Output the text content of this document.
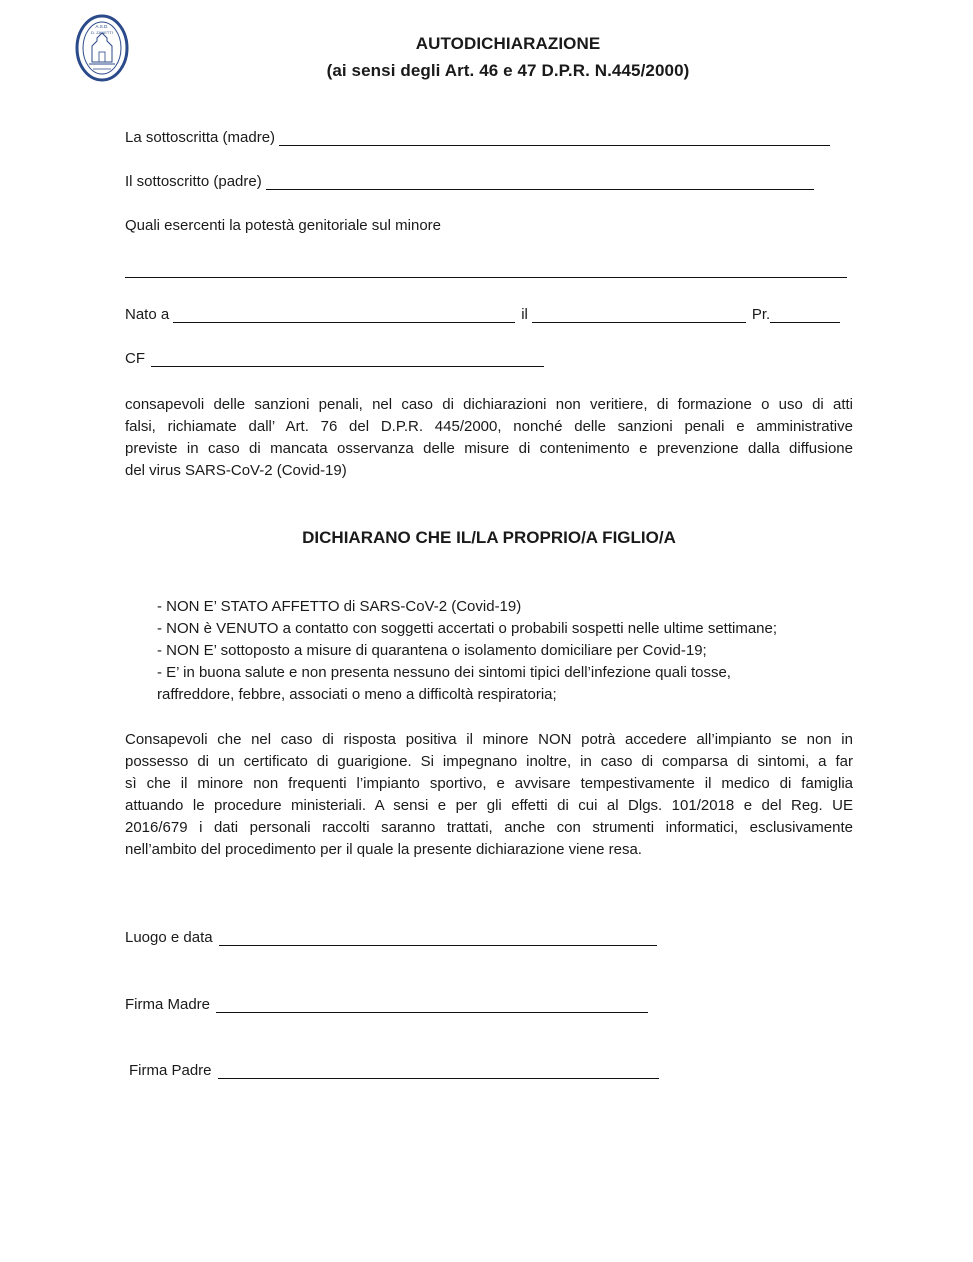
A.S.D.
D. ZANETTI
AUTODICHIARAZIONE
(ai sensi degli Art. 46 e 47 D.P.R. N.445/2000)
La sottoscritta (madre)
Il sottoscritto (padre)
Quali esercenti la potestà genitoriale sul minore
Nato a	il	Pr.
CF
consapevoli delle sanzioni penali, nel caso di dichiarazioni non veritiere, di formazione o uso di atti
falsi, richiamate dall’ Art. 76 del D.P.R. 445/2000, nonché delle sanzioni penali e amministrative
previste in caso di mancata osservanza delle misure di contenimento e prevenzione dalla diffusione
del virus SARS-CoV-2 (Covid-19)
DICHIARANO CHE IL/LA PROPRIO/A FIGLIO/A
- NON E’ STATO AFFETTO di SARS-CoV-2 (Covid-19)
- NON è VENUTO a contatto con soggetti accertati o probabili sospetti nelle ultime settimane;
- NON E’ sottoposto a misure di quarantena o isolamento domiciliare per Covid-19;
- E’ in buona salute e non presenta nessuno dei sintomi tipici dell’infezione quali tosse,
raffreddore, febbre, associati o meno a difficoltà respiratoria;
Consapevoli che nel caso di risposta positiva il minore NON potrà accedere all’impianto se non in
possesso di un certificato di guarigione. Si impegnano inoltre, in caso di comparsa di sintomi, a far
sì che il minore non frequenti l’impianto sportivo, e avvisare tempestivamente il medico di famiglia
attuando le procedure ministeriali. A sensi e per gli effetti di cui al Dlgs. 101/2018 e del Reg. UE
2016/679 i dati personali raccolti saranno trattati, anche con strumenti informatici, esclusivamente
nell’ambito del procedimento per il quale la presente dichiarazione viene resa.
Luogo e data
Firma Madre
Firma Padre
